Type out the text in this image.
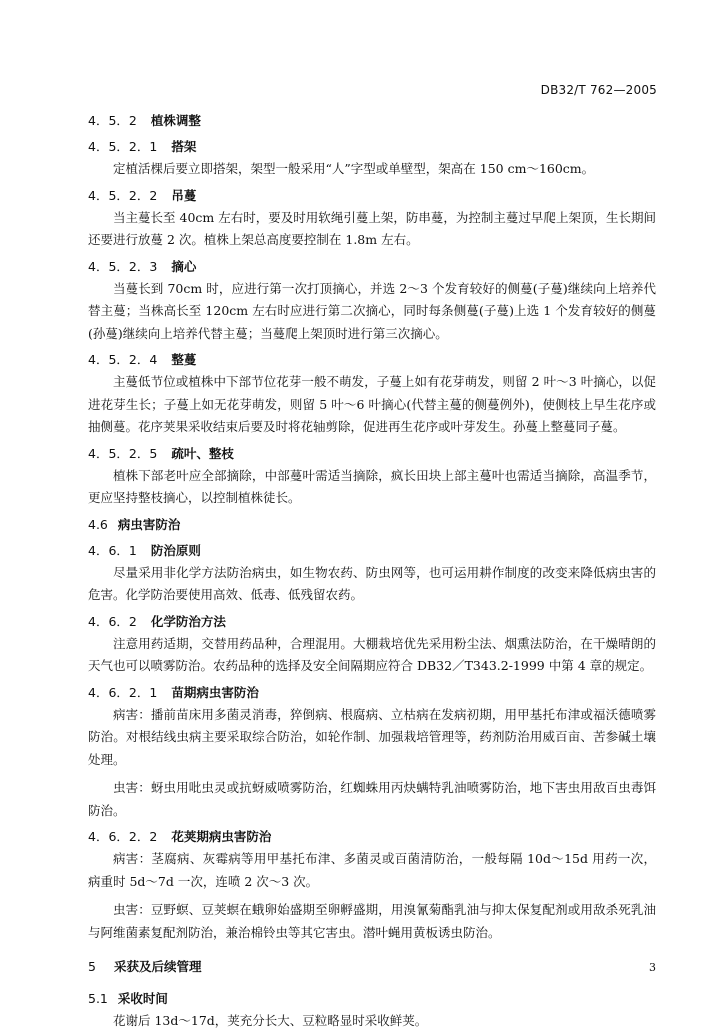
DB32/T 762—2005
4．5．2 植株调整
4．5．2．1 搭架

定植活棵后要立即搭架，架型一般采用“人”字型或单壁型，架高在 150 cm～160cm。

4．5．2．2 吊蔓

当主蔓长至 40cm 左右时，要及时用软绳引蔓上架，防串蔓，为控制主蔓过早爬上架顶，生长期间还要进行放蔓 2 次。植株上架总高度要控制在 1.8m 左右。

4．5．2．3 摘心

当蔓长到 70cm 时，应进行第一次打顶摘心，并选 2～3 个发育较好的侧蔓(子蔓)继续向上培养代替主蔓；当株高长至 120cm 左右时应进行第二次摘心，同时每条侧蔓(子蔓)上选 1 个发育较好的侧蔓(孙蔓)继续向上培养代替主蔓；当蔓爬上架顶时进行第三次摘心。

4．5．2．4 整蔓

主蔓低节位或植株中下部节位花芽一般不萌发，子蔓上如有花芽萌发，则留 2 叶～3 叶摘心，以促进花芽生长；子蔓上如无花芽萌发，则留 5 叶～6 叶摘心(代替主蔓的侧蔓例外)，使侧枝上早生花序或抽侧蔓。花序荚果采收结束后要及时将花轴剪除，促进再生花序或叶芽发生。孙蔓上整蔓同子蔓。

4．5．2．5 疏叶、整枝

植株下部老叶应全部摘除，中部蔓叶需适当摘除，疯长田块上部主蔓叶也需适当摘除，高温季节，更应坚持整枝摘心，以控制植株徒长。

4.6 病虫害防治
4．6．1 防治原则

尽量采用非化学方法防治病虫，如生物农药、防虫网等，也可运用耕作制度的改变来降低病虫害的危害。化学防治要使用高效、低毒、低残留农药。

4．6．2 化学防治方法

注意用药适期，交替用药品种，合理混用。大棚栽培优先采用粉尘法、烟熏法防治，在干燥晴朗的天气也可以喷雾防治。农药品种的选择及安全间隔期应符合 DB32／T343.2-1999 中第 4 章的规定。

4．6．2．1 苗期病虫害防治

病害：播前苗床用多菌灵消毒，猝倒病、根腐病、立枯病在发病初期，用甲基托布津或福沃德喷雾防治。对根结线虫病主要采取综合防治，如轮作制、加强栽培管理等，药剂防治用威百亩、苦参碱土壤处理。

虫害：蚜虫用吡虫灵或抗蚜威喷雾防治，红蜘蛛用丙炔螨特乳油喷雾防治，地下害虫用敌百虫毒饵防治。

4．6．2．2 花荚期病虫害防治

病害：茎腐病、灰霉病等用甲基托布津、多菌灵或百菌清防治，一般每隔 10d～15d 用药一次，病重时 5d～7d 一次，连喷 2 次～3 次。

虫害：豆野螟、豆荚螟在蛾卵始盛期至卵孵盛期，用溴氰菊酯乳油与抑太保复配剂或用敌杀死乳油与阿维菌素复配剂防治，兼治棉铃虫等其它害虫。潜叶蝇用黄板诱虫防治。

5 采获及后续管理
5.1 采收时间

花谢后 13d～17d，荚充分长大、豆粒略显时采收鲜荚。

3
